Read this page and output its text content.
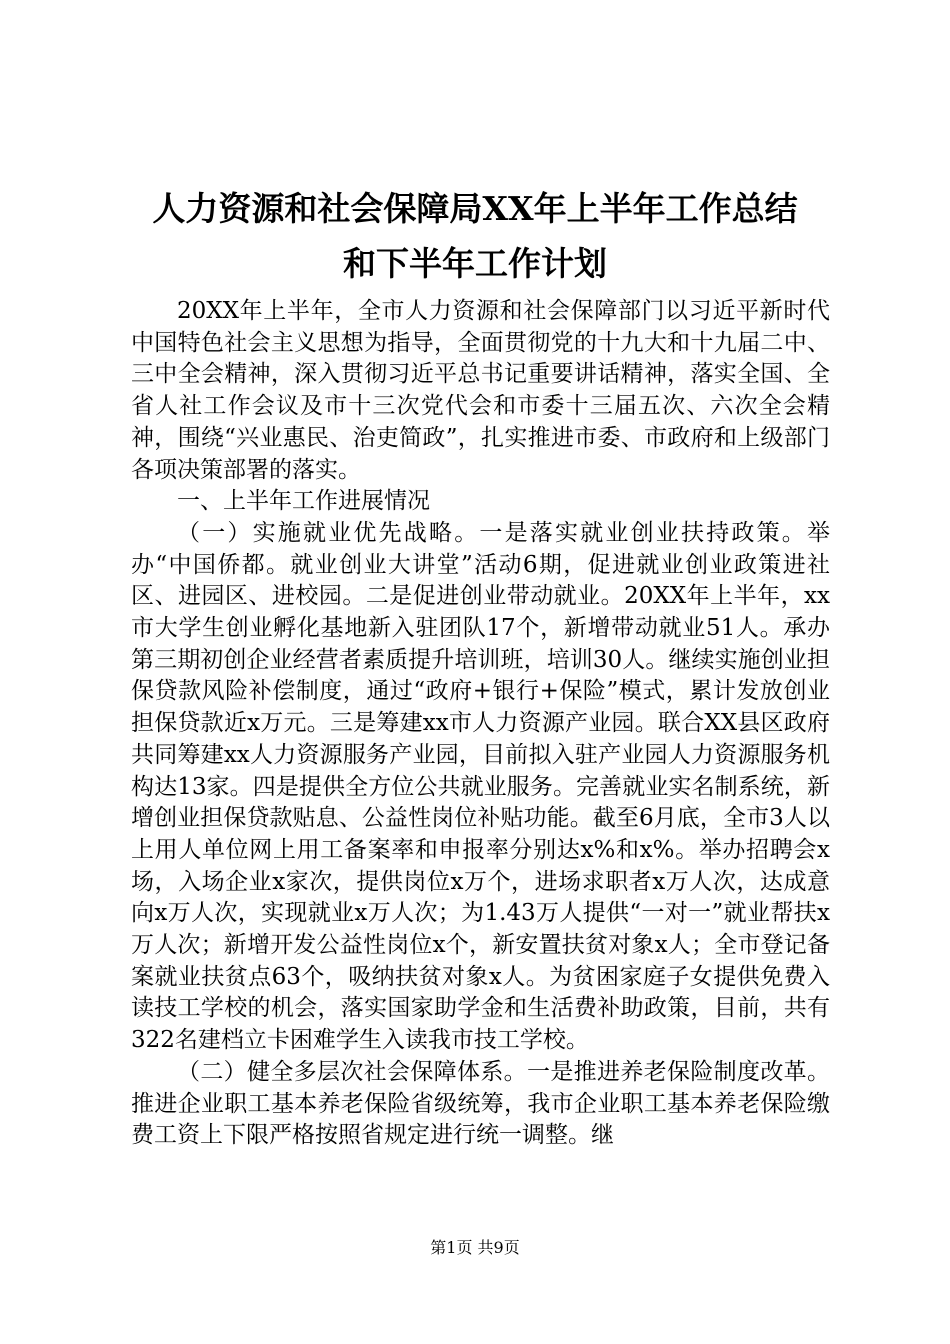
人力资源和社会保障局XX年上半年工作总结
和下半年工作计划

20XX年上半年，全市人力资源和社会保障部门以习近平新时代中国特色社会主义思想为指导，全面贯彻党的十九大和十九届二中、三中全会精神，深入贯彻习近平总书记重要讲话精神，落实全国、全省人社工作会议及市十三次党代会和市委十三届五次、六次全会精神，围绕“兴业惠民、治吏简政”，扎实推进市委、市政府和上级部门各项决策部署的落实。

一、上半年工作进展情况

（一）实施就业优先战略。一是落实就业创业扶持政策。举办“中国侨都。就业创业大讲堂”活动6期，促进就业创业政策进社区、进园区、进校园。二是促进创业带动就业。20XX年上半年，xx市大学生创业孵化基地新入驻团队17个，新增带动就业51人。承办第三期初创企业经营者素质提升培训班，培训30人。继续实施创业担保贷款风险补偿制度，通过“政府+银行+保险”模式，累计发放创业担保贷款近x万元。三是筹建xx市人力资源产业园。联合XX县区政府共同筹建xx人力资源服务产业园，目前拟入驻产业园人力资源服务机构达13家。四是提供全方位公共就业服务。完善就业实名制系统，新增创业担保贷款贴息、公益性岗位补贴功能。截至6月底，全市3人以上用人单位网上用工备案率和申报率分别达x%和x%。举办招聘会x场，入场企业x家次，提供岗位x万个，进场求职者x万人次，达成意向x万人次，实现就业x万人次；为1.43万人提供“一对一”就业帮扶x万人次；新增开发公益性岗位x个，新安置扶贫对象x人；全市登记备案就业扶贫点63个，吸纳扶贫对象x人。为贫困家庭子女提供免费入读技工学校的机会，落实国家助学金和生活费补助政策，目前，共有322名建档立卡困难学生入读我市技工学校。

（二）健全多层次社会保障体系。一是推进养老保险制度改革。推进企业职工基本养老保险省级统筹，我市企业职工基本养老保险缴费工资上下限严格按照省规定进行统一调整。继

第1页 共9页
